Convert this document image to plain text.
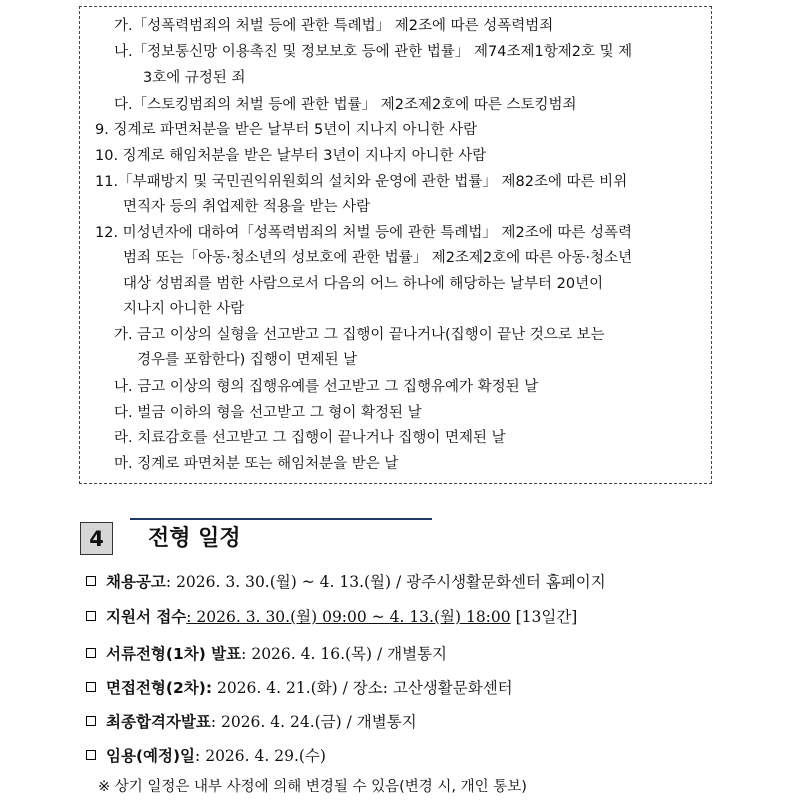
가.「성폭력범죄의 처벌 등에 관한 특례법」 제2조에 따른 성폭력범죄
나.「정보통신망 이용촉진 및 정보보호 등에 관한 법률」 제74조제1항제2호 및 제
3호에 규정된 죄
다.「스토킹범죄의 처벌 등에 관한 법률」 제2조제2호에 따른 스토킹범죄
9. 징계로 파면처분을 받은 날부터 5년이 지나지 아니한 사람
10. 징계로 해임처분을 받은 날부터 3년이 지나지 아니한 사람
11.「부패방지 및 국민권익위원회의 설치와 운영에 관한 법률」 제82조에 따른 비위
면직자 등의 취업제한 적용을 받는 사람
12. 미성년자에 대하여「성폭력범죄의 처벌 등에 관한 특례법」 제2조에 따른 성폭력
범죄 또는「아동·청소년의 성보호에 관한 법률」 제2조제2호에 따른 아동·청소년
대상 성범죄를 범한 사람으로서 다음의 어느 하나에 해당하는 날부터 20년이
지나지 아니한 사람
가. 금고 이상의 실형을 선고받고 그 집행이 끝나거나(집행이 끝난 것으로 보는
경우를 포함한다) 집행이 면제된 날
나. 금고 이상의 형의 집행유예를 선고받고 그 집행유예가 확정된 날
다. 벌금 이하의 형을 선고받고 그 형이 확정된 날
라. 치료감호를 선고받고 그 집행이 끝나거나 집행이 면제된 날
마. 징계로 파면처분 또는 해임처분을 받은 날
4	전형 일정
채용공고: 2026. 3. 30.(월) ~ 4. 13.(월) / 광주시생활문화센터 홈페이지
지원서 접수: 2026. 3. 30.(월) 09:00 ~ 4. 13.(월) 18:00 [13일간]
서류전형(1차) 발표: 2026. 4. 16.(목) / 개별통지
면접전형(2차): 2026. 4. 21.(화) / 장소: 고산생활문화센터
최종합격자발표: 2026. 4. 24.(금) / 개별통지
임용(예정)일: 2026. 4. 29.(수)
※ 상기 일정은 내부 사정에 의해 변경될 수 있음(변경 시, 개인 통보)
